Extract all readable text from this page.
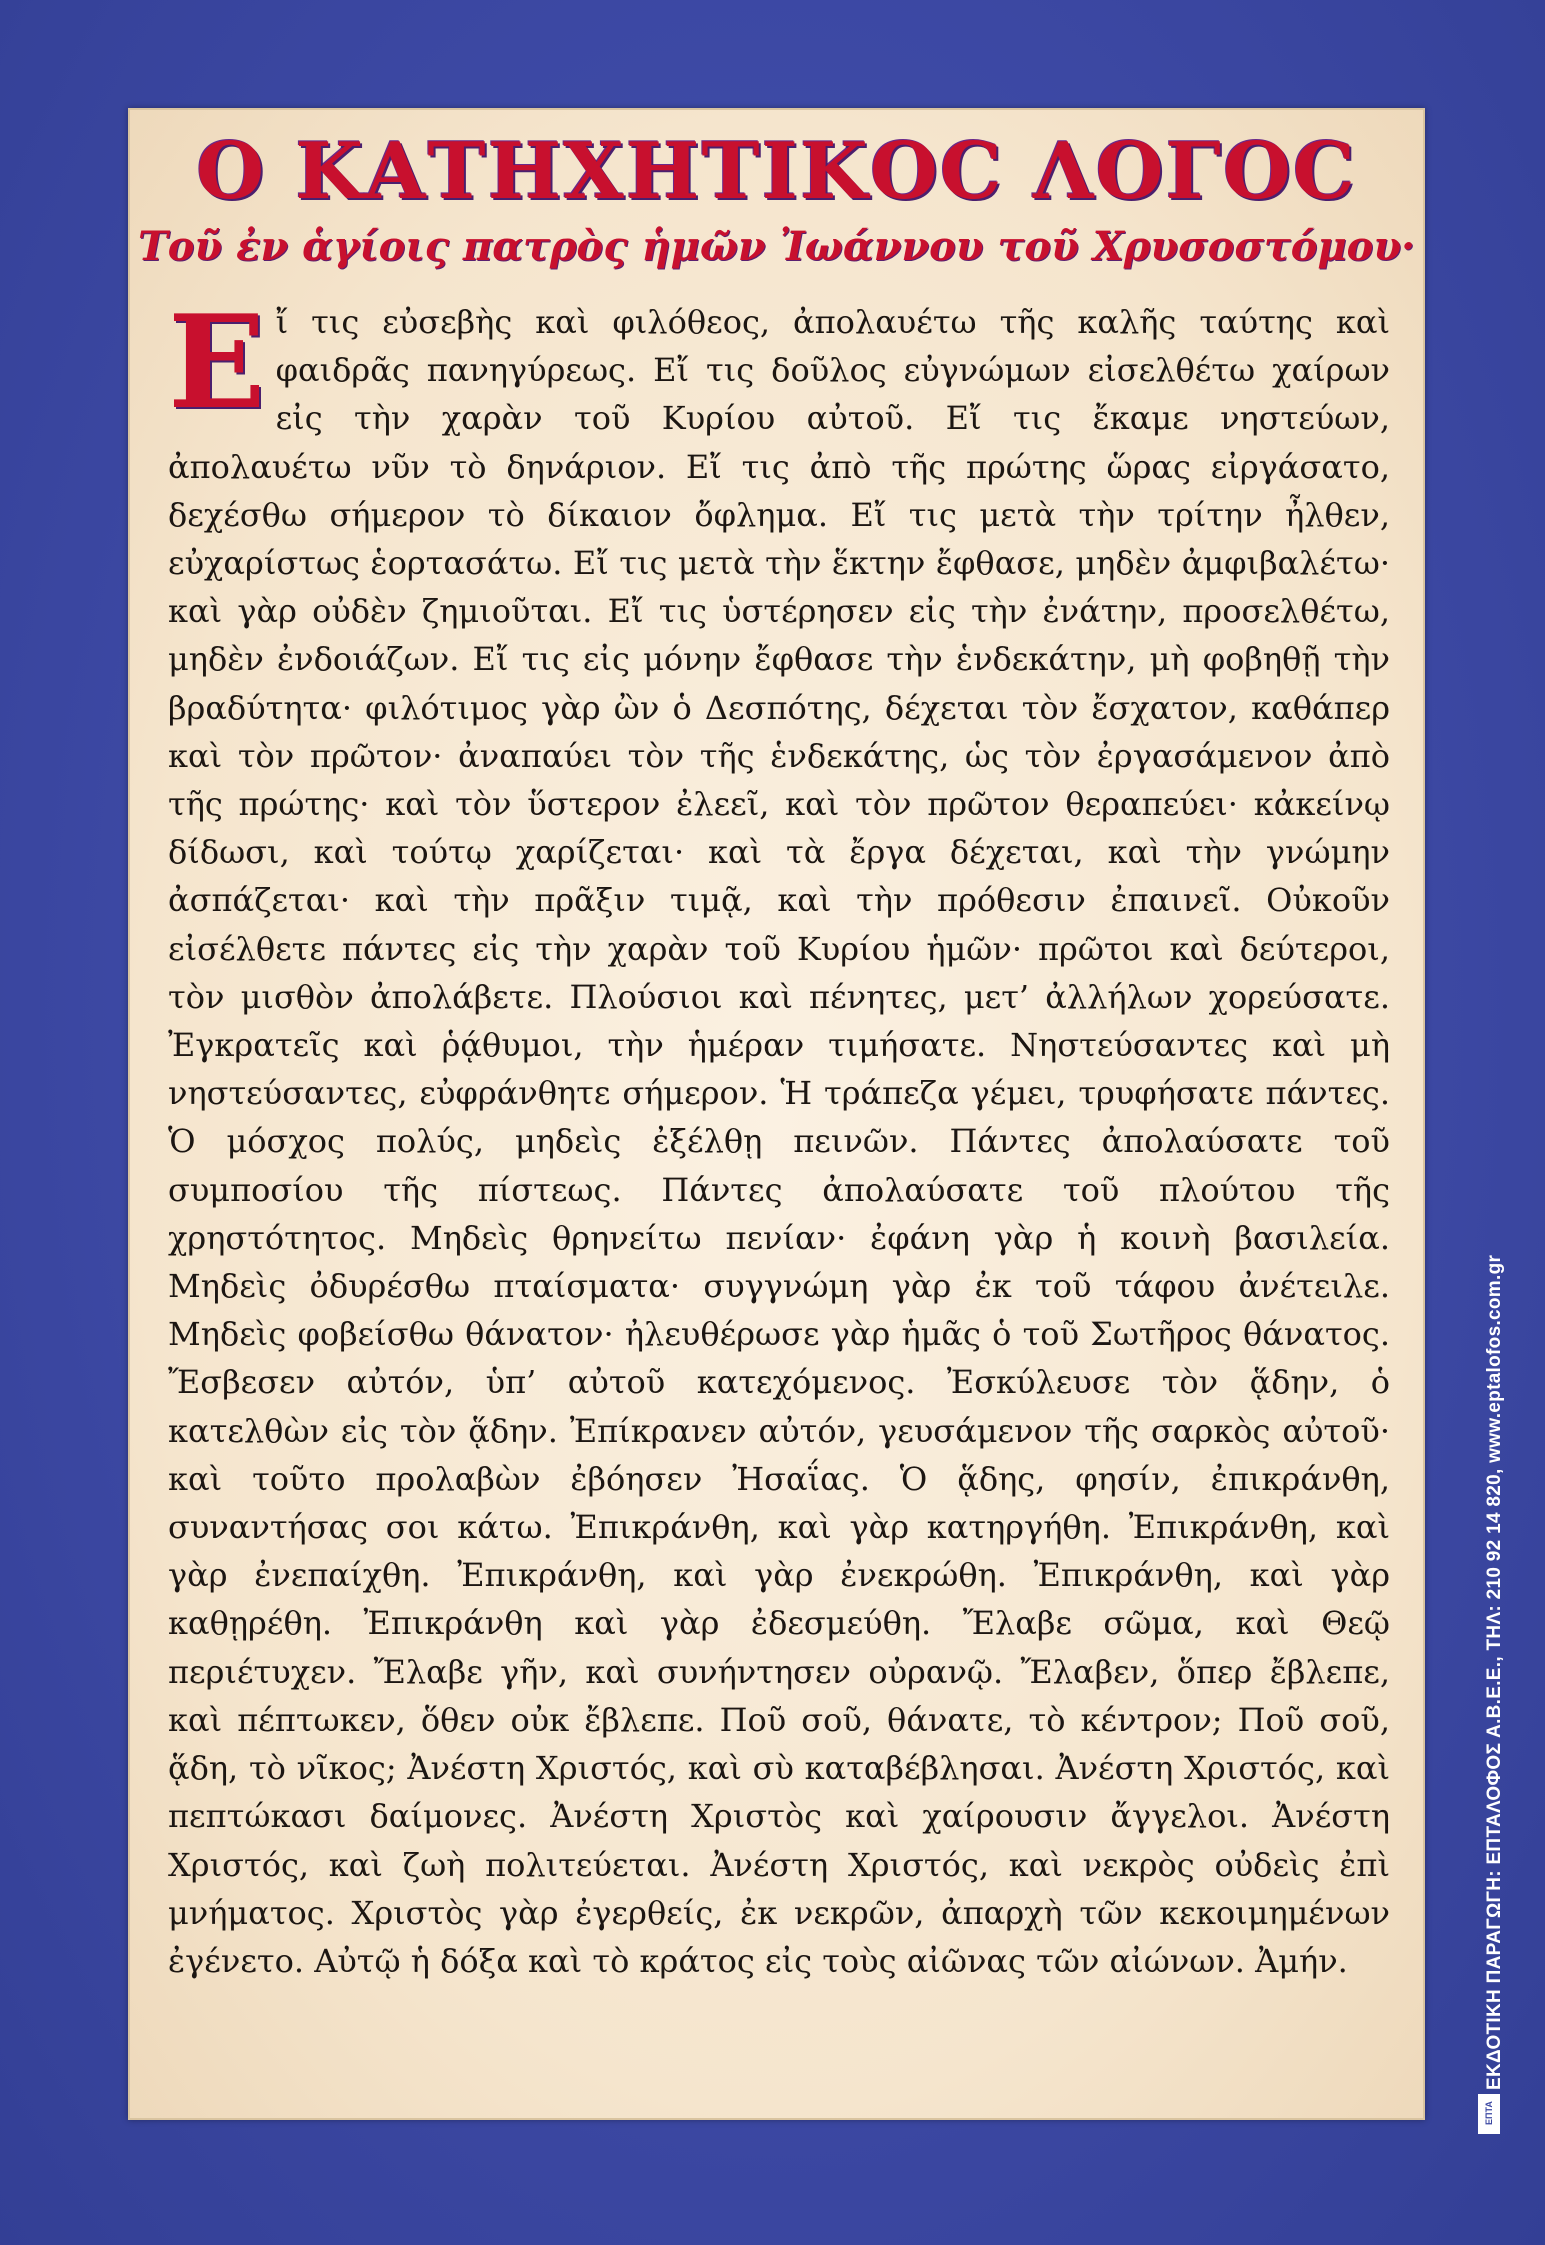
Ο ΚΑΤΗΧΗΤΙΚΟϹ ΛΟΓΟϹ
Τοῦ ἐν ἁγίοις πατρὸς ἡμῶν Ἰωάννου τοῦ Χρυσοστόμου·
Εἴ τις εὐσεβὴς καὶ φιλόθεος, ἀπολαυέτω τῆς καλῆς ταύτης καὶ φαιδρᾶς πανηγύρεως. Εἴ τις δοῦλος εὐγνώμων εἰσελθέτω χαίρων εἰς τὴν χαρὰν τοῦ Κυρίου αὐτοῦ. Εἴ τις ἔκαμε νηστεύων, ἀπολαυέτω νῦν τὸ δηνάριον. Εἴ τις ἀπὸ τῆς πρώτης ὥρας εἰργάσατο, δεχέσθω σήμερον τὸ δίκαιον ὄφλημα. Εἴ τις μετὰ τὴν τρίτην ἦλθεν, εὐχαρίστως ἑορτασάτω. Εἴ τις μετὰ τὴν ἕκτην ἔφθασε, μηδὲν ἀμφιβαλέτω· καὶ γὰρ οὐδὲν ζημιοῦται. Εἴ τις ὑστέρησεν εἰς τὴν ἐνάτην, προσελθέτω, μηδὲν ἐνδοιάζων. Εἴ τις εἰς μόνην ἔφθασε τὴν ἑνδεκάτην, μὴ φοβηθῇ τὴν βραδύτητα· φιλότιμος γὰρ ὢν ὁ Δεσπότης, δέχεται τὸν ἔσχατον, καθάπερ καὶ τὸν πρῶτον· ἀναπαύει τὸν τῆς ἑνδεκάτης, ὡς τὸν ἐργασάμενον ἀπὸ τῆς πρώτης· καὶ τὸν ὕστερον ἐλεεῖ, καὶ τὸν πρῶτον θεραπεύει· κἀκείνῳ δίδωσι, καὶ τούτῳ χαρίζεται· καὶ τὰ ἔργα δέχεται, καὶ τὴν γνώμην ἀσπάζεται· καὶ τὴν πρᾶξιν τιμᾷ, καὶ τὴν πρόθεσιν ἐπαινεῖ. Οὐκοῦν εἰσέλθετε πάντες εἰς τὴν χαρὰν τοῦ Κυρίου ἡμῶν· πρῶτοι καὶ δεύτεροι, τὸν μισθὸν ἀπολάβετε. Πλούσιοι καὶ πένητες, μετ’ ἀλλήλων χορεύσατε. Ἐγκρατεῖς καὶ ῥᾴθυμοι, τὴν ἡμέραν τιμήσατε. Νηστεύσαντες καὶ μὴ νηστεύσαντες, εὐφράνθητε σήμερον. Ἡ τράπεζα γέμει, τρυφήσατε πάντες. Ὁ μόσχος πολύς, μηδεὶς ἐξέλθῃ πεινῶν. Πάντες ἀπολαύσατε τοῦ συμποσίου τῆς πίστεως. Πάντες ἀπολαύσατε τοῦ πλούτου τῆς χρηστότητος. Μηδεὶς θρηνείτω πενίαν· ἐφάνη γὰρ ἡ κοινὴ βασιλεία. Μηδεὶς ὀδυρέσθω πταίσματα· συγγνώμη γὰρ ἐκ τοῦ τάφου ἀνέτειλε. Μηδεὶς φοβείσθω θάνατον· ἠλευθέρωσε γὰρ ἡμᾶς ὁ τοῦ Σωτῆρος θάνατος. Ἔσβεσεν αὐτόν, ὑπ’ αὐτοῦ κατεχόμενος. Ἐσκύλευσε τὸν ᾅδην, ὁ κατελθὼν εἰς τὸν ᾅδην. Ἐπίκρανεν αὐτόν, γευσάμενον τῆς σαρκὸς αὐτοῦ· καὶ τοῦτο προλαβὼν ἐβόησεν Ἠσαΐας. Ὁ ᾅδης, φησίν, ἐπικράνθη, συναντήσας σοι κάτω. Ἐπικράνθη, καὶ γὰρ κατηργήθη. Ἐπικράνθη, καὶ γὰρ ἐνεπαίχθη. Ἐπικράνθη, καὶ γὰρ ἐνεκρώθη. Ἐπικράνθη, καὶ γὰρ καθῃρέθη. Ἐπικράνθη καὶ γὰρ ἐδεσμεύθη. Ἔλαβε σῶμα, καὶ Θεῷ περιέτυχεν. Ἔλαβε γῆν, καὶ συνήντησεν οὐρανῷ. Ἔλαβεν, ὅπερ ἔβλεπε, καὶ πέπτωκεν, ὅθεν οὐκ ἔβλεπε. Ποῦ σοῦ, θάνατε, τὸ κέντρον; Ποῦ σοῦ, ᾅδη, τὸ νῖκος; Ἀνέστη Χριστός, καὶ σὺ καταβέβλησαι. Ἀνέστη Χριστός, καὶ πεπτώκασι δαίμονες. Ἀνέστη Χριστὸς καὶ χαίρουσιν ἄγγελοι. Ἀνέστη Χριστός, καὶ ζωὴ πολιτεύεται. Ἀνέστη Χριστός, καὶ νεκρὸς οὐδεὶς ἐπὶ μνήματος. Χριστὸς γὰρ ἐγερθείς, ἐκ νεκρῶν, ἀπαρχὴ τῶν κεκοιμημένων ἐγένετο. Αὐτῷ ἡ δόξα καὶ τὸ κράτος εἰς τοὺς αἰῶνας τῶν αἰώνων. Ἀμήν.
ΕΠΤΑ
ΕΚΔΟΤΙΚΗ ΠΑΡΑΓΩΓΗ: ΕΠΤΑΛΟΦΟΣ Α.Β.Ε.Ε., ΤΗΛ: 210 92 14 820, www.eptalofos.com.gr
